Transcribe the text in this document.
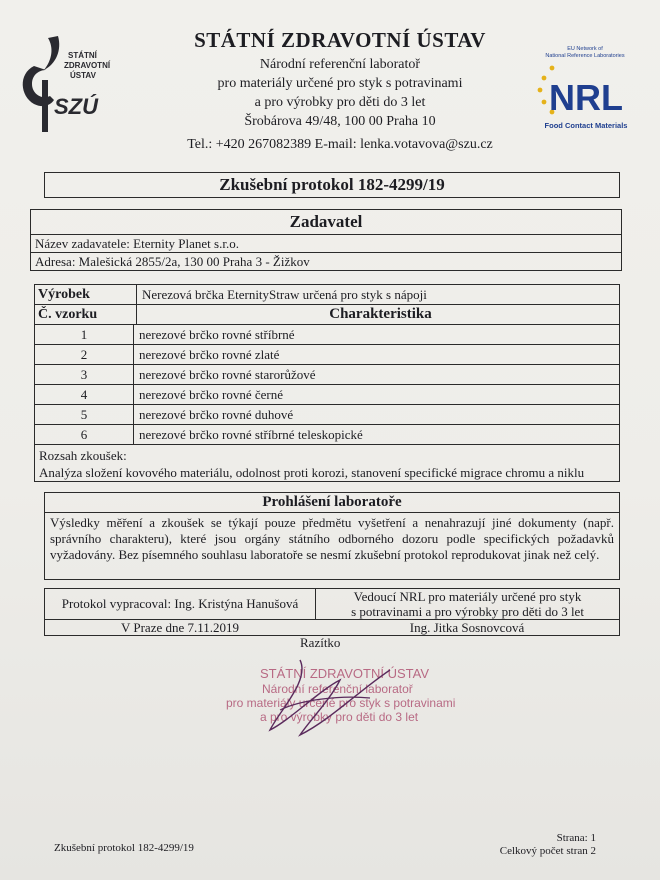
STÁTNÍ
ZDRAVOTNÍ
ÚSTAV
SZÚ
STÁTNÍ ZDRAVOTNÍ ÚSTAV
Národní referenční laboratoř
pro materiály určené pro styk s potravinami
a pro výrobky pro děti do 3 let
Šrobárova 49/48, 100 00 Praha 10
Tel.: +420 267082389 E-mail: lenka.votavova@szu.cz
EU Network of
National Reference Laboratories
NRL
Food Contact Materials
Zkušební protokol 182-4299/19
Zadavatel
Název zadavatele: Eternity Planet s.r.o.
Adresa: Malešická 2855/2a, 130 00 Praha 3 - Žižkov
Výrobek	Nerezová brčka EternityStraw určená pro styk s nápoji
Č. vzorku	Charakteristika
1	nerezové brčko rovné stříbrné
2	nerezové brčko rovné zlaté
3	nerezové brčko rovné starorůžové
4	nerezové brčko rovné černé
5	nerezové brčko rovné duhové
6	nerezové brčko rovné stříbrné teleskopické
Rozsah zkoušek:
Analýza složení kovového materiálu, odolnost proti korozi, stanovení specifické migrace chromu a niklu
Prohlášení laboratoře
Výsledky měření a zkoušek se týkají pouze předmětu vyšetření a nenahrazují jiné dokumenty (např. správního charakteru), které jsou orgány státního odborného dozoru podle specifických požadavků vyžadovány. Bez písemného souhlasu laboratoře se nesmí zkušební protokol reprodukovat jinak než celý.
Protokol vypracoval: Ing. Kristýna Hanušová	Vedoucí NRL pro materiály určené pro styk
s potravinami a pro výrobky pro děti do 3 let
V Praze dne 7.11.2019	Ing. Jitka Sosnovcová
Razítko
STÁTNÍ ZDRAVOTNÍ ÚSTAV
Národní referenční laboratoř
pro materiály určené pro styk s potravinami
a pro výrobky pro děti do 3 let
Zkušební protokol 182-4299/19
Strana: 1
Celkový počet stran 2
